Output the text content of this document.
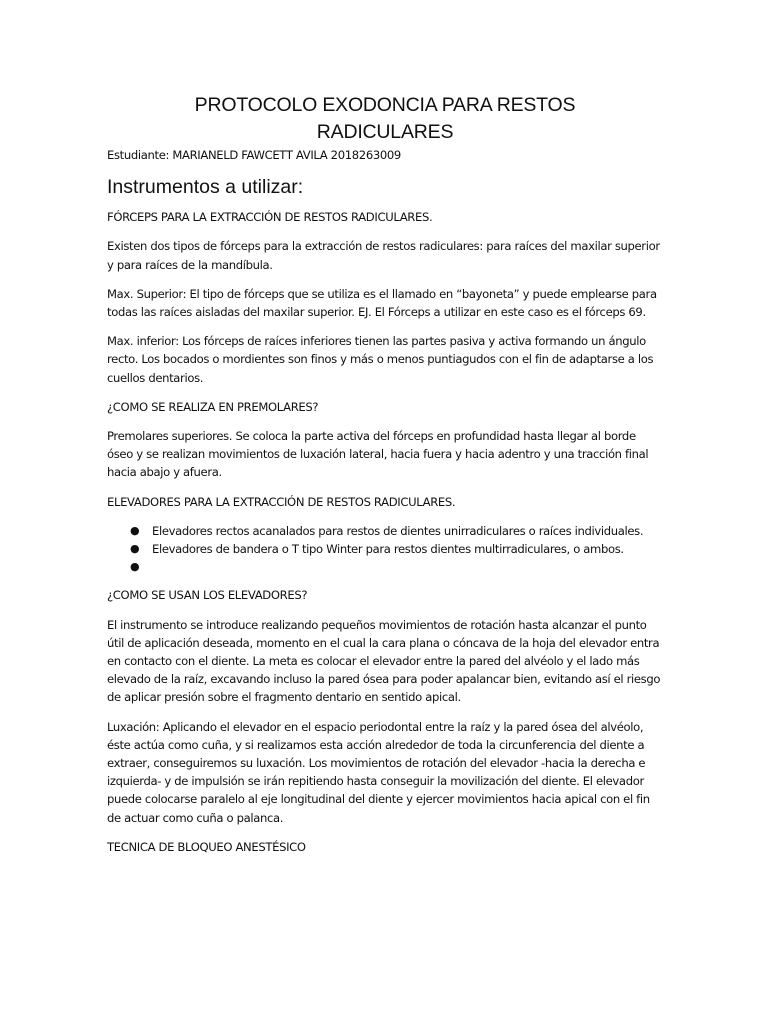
PROTOCOLO EXODONCIA PARA RESTOS
RADICULARES

Estudiante: MARIANELD FAWCETT AVILA 2018263009

Instrumentos a utilizar:

FÓRCEPS PARA LA EXTRACCIÓN DE RESTOS RADICULARES.

Existen dos tipos de fórceps para la extracción de restos radiculares: para raíces del maxilar superior y para raíces de la mandíbula.

Max. Superior: El tipo de fórceps que se utiliza es el llamado en “bayoneta” y puede emplearse para todas las raíces aisladas del maxilar superior. EJ. El Fórceps a utilizar en este caso es el fórceps 69.

Max. inferior: Los fórceps de raíces inferiores tienen las partes pasiva y activa formando un ángulo recto. Los bocados o mordientes son finos y más o menos puntiagudos con el fin de adaptarse a los cuellos dentarios.

¿COMO SE REALIZA EN PREMOLARES?

Premolares superiores. Se coloca la parte activa del fórceps en profundidad hasta llegar al borde óseo y se realizan movimientos de luxación lateral, hacia fuera y hacia adentro y una tracción final hacia abajo y afuera.

ELEVADORES PARA LA EXTRACCIÓN DE RESTOS RADICULARES.

● Elevadores rectos acanalados para restos de dientes unirradiculares o raíces individuales.
● Elevadores de bandera o T tipo Winter para restos dientes multirradiculares, o ambos.
●

¿COMO SE USAN LOS ELEVADORES?

El instrumento se introduce realizando pequeños movimientos de rotación hasta alcanzar el punto útil de aplicación deseada, momento en el cual la cara plana o cóncava de la hoja del elevador entra en contacto con el diente. La meta es colocar el elevador entre la pared del alvéolo y el lado más elevado de la raíz, excavando incluso la pared ósea para poder apalancar bien, evitando así el riesgo de aplicar presión sobre el fragmento dentario en sentido apical.

Luxación: Aplicando el elevador en el espacio periodontal entre la raíz y la pared ósea del alvéolo, éste actúa como cuña, y si realizamos esta acción alrededor de toda la circunferencia del diente a extraer, conseguiremos su luxación. Los movimientos de rotación del elevador -hacia la derecha e izquierda- y de impulsión se irán repitiendo hasta conseguir la movilización del diente. El elevador puede colocarse paralelo al eje longitudinal del diente y ejercer movimientos hacia apical con el fin de actuar como cuña o palanca.

TECNICA DE BLOQUEO ANESTÉSICO
